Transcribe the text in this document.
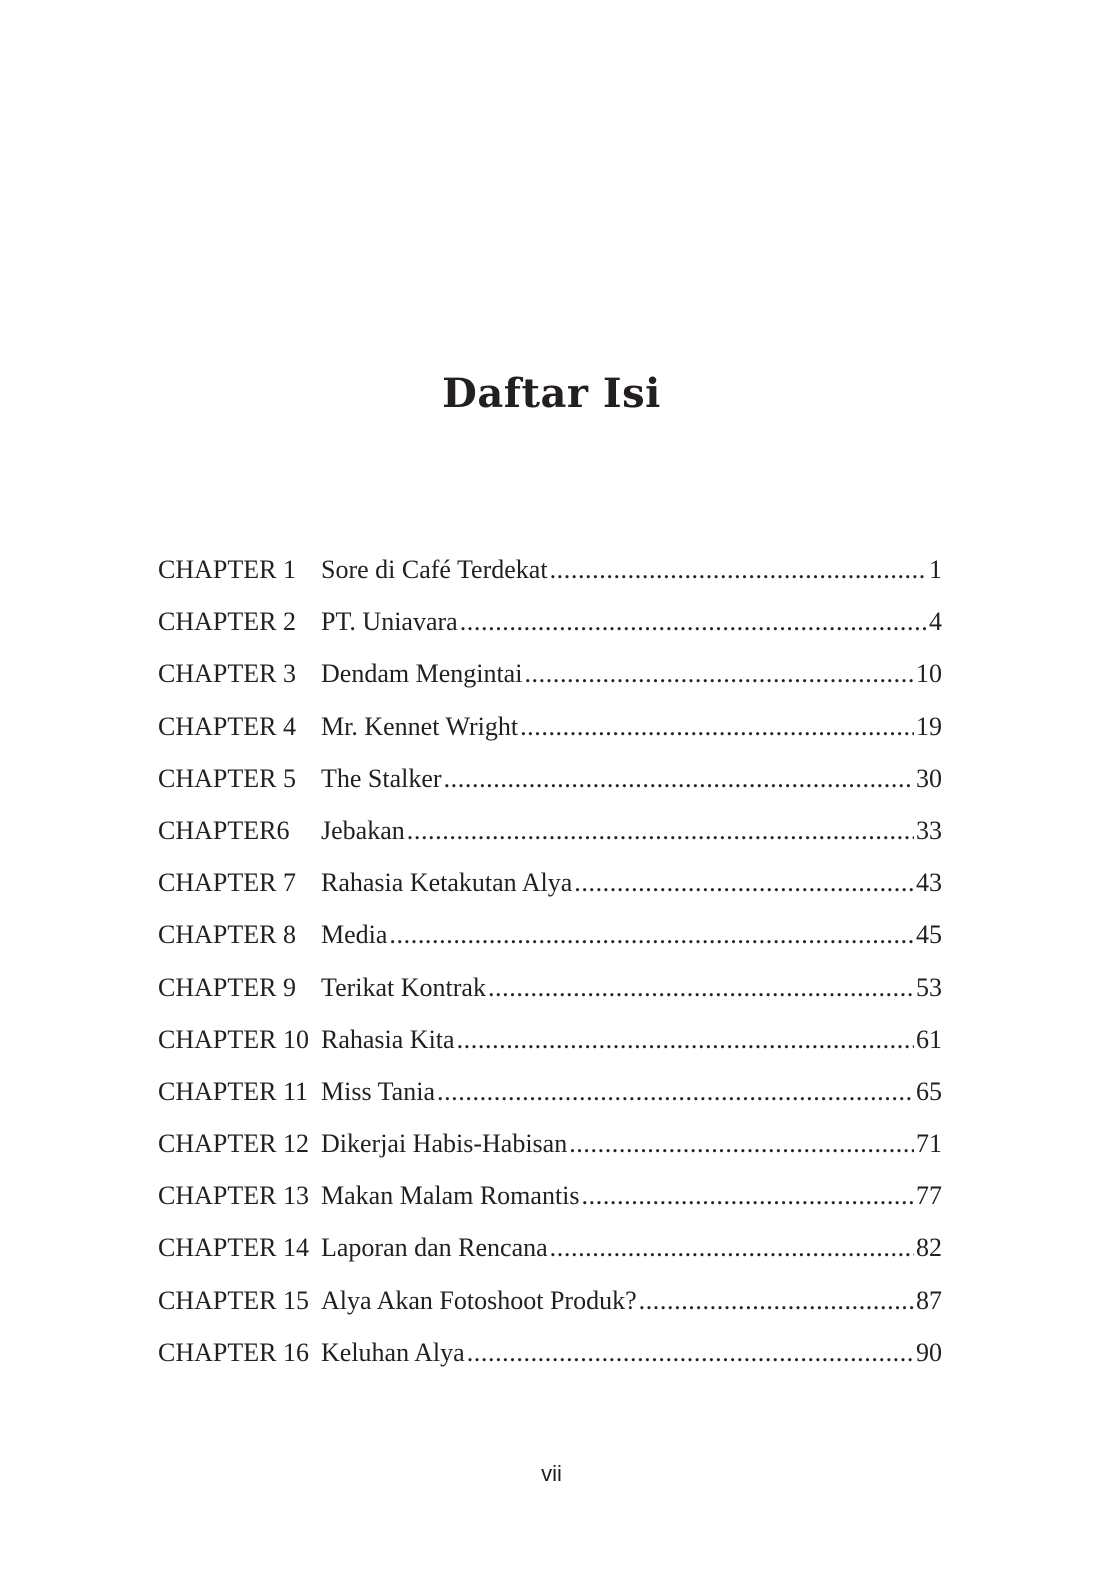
Daftar Isi
CHAPTER 1 Sore di Café Terdekat .....	1
CHAPTER 2 PT. Uniavara .....	4
CHAPTER 3 Dendam Mengintai .....	10
CHAPTER 4 Mr. Kennet Wright .....	19
CHAPTER 5 The Stalker .....	30
CHAPTER6	Jebakan .....	33
CHAPTER 7 Rahasia Ketakutan Alya .....	43
CHAPTER 8 Media .....	45
CHAPTER 9 Terikat Kontrak .....	53
CHAPTER 10 Rahasia Kita .....	61
CHAPTER 11 Miss Tania .....	65
CHAPTER 12 Dikerjai Habis-Habisan .....	71
CHAPTER 13 Makan Malam Romantis .....	77
CHAPTER 14 Laporan dan Rencana .....	82
CHAPTER 15 Alya Akan Fotoshoot Produk? .....	87
CHAPTER 16 Keluhan Alya .....	90
vii
